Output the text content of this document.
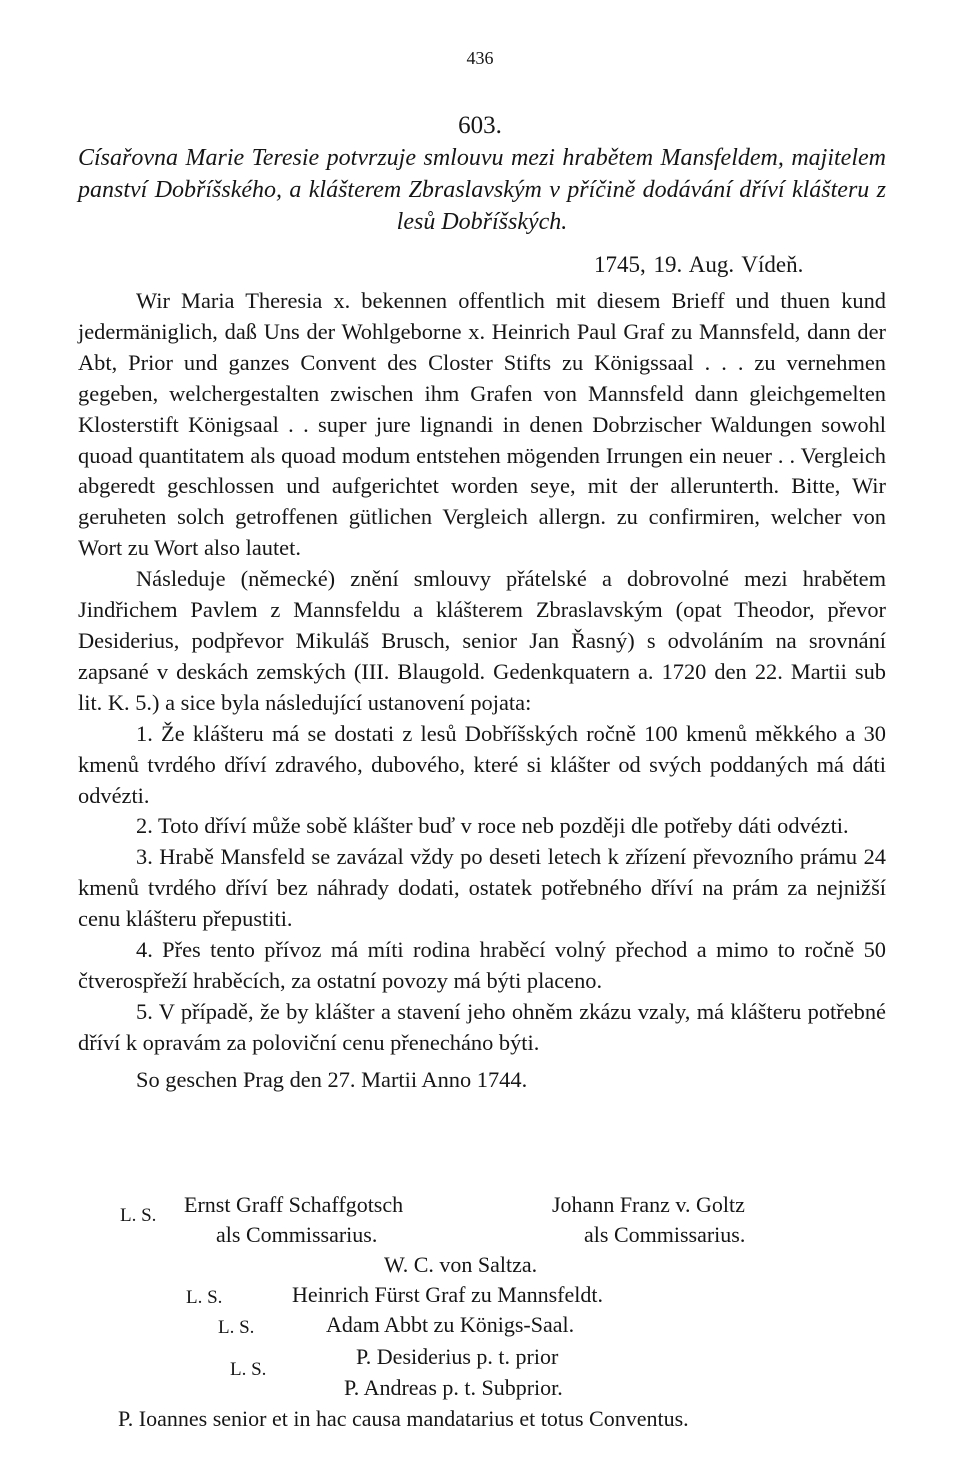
436
603.
Císařovna Marie Teresie potvrzuje smlouvu mezi hrabětem Mansfeldem, majitelem panství Dobříšského, a klášterem Zbraslavským v příčině dodávání dříví klášteru z lesů Dobříšských.
1745, 19. Aug. Vídeň.

Wir Maria Theresia x. bekennen offentlich mit diesem Brieff und thuen kund jedermäniglich, daß Uns der Wohlgeborne x. Heinrich Paul Graf zu Mannsfeld, dann der Abt, Prior und ganzes Convent des Closter Stifts zu Königssaal . . . zu vernehmen gegeben, welchergestalten zwischen ihm Grafen von Mannsfeld dann gleichgemelten Klosterstift Königsaal . . super jure lignandi in denen Dobrzischer Waldungen sowohl quoad quantitatem als quoad modum entstehen mögenden Irrungen ein neuer . . Vergleich abgeredt geschlossen und aufgerichtet worden seye, mit der allerunterth. Bitte, Wir geruheten solch getroffenen gütlichen Vergleich allergn. zu confirmiren, welcher von Wort zu Wort also lautet.

Následuje (německé) znění smlouvy přátelské a dobrovolné mezi hrabětem Jindřichem Pavlem z Mannsfeldu a klášterem Zbraslavským (opat Theodor, převor Desiderius, podpřevor Mikuláš Brusch, senior Jan Řasný) s odvoláním na srovnání zapsané v deskách zemských (III. Blaugold. Gedenkquatern a. 1720 den 22. Martii sub lit. K. 5.) a sice byla následující ustanovení pojata:

1. Že klášteru má se dostati z lesů Dobříšských ročně 100 kmenů měkkého a 30 kmenů tvrdého dříví zdravého, dubového, které si klášter od svých poddaných má dáti odvézti.

2. Toto dříví může sobě klášter buď v roce neb později dle potřeby dáti odvézti.

3. Hrabě Mansfeld se zavázal vždy po deseti letech k zřízení převozního prámu 24 kmenů tvrdého dříví bez náhrady dodati, ostatek potřebného dříví na prám za nejnižší cenu klášteru přepustiti.

4. Přes tento přívoz má míti rodina hraběcí volný přechod a mimo to ročně 50 čtverospřeží hraběcích, za ostatní povozy má býti placeno.

5. V případě, že by klášter a stavení jeho ohněm zkázu vzaly, má klášteru potřebné dříví k opravám za poloviční cenu přenecháno býti.

So geschen Prag den 27. Martii Anno 1744.

L. S. Ernst Graff Schaffgotsch
als Commissarius.
Johann Franz v. Goltz
als Commissarius.
W. C. von Saltza.
L. S.	Heinrich Fürst Graf zu Mannsfeldt.
L. S.	Adam Abbt zu Königs-Saal.
L. S.
P. Desiderius p. t. prior
P. Andreas p. t. Subprior.
P. Ioannes senior et in hac causa mandatarius et totus Conventus.
